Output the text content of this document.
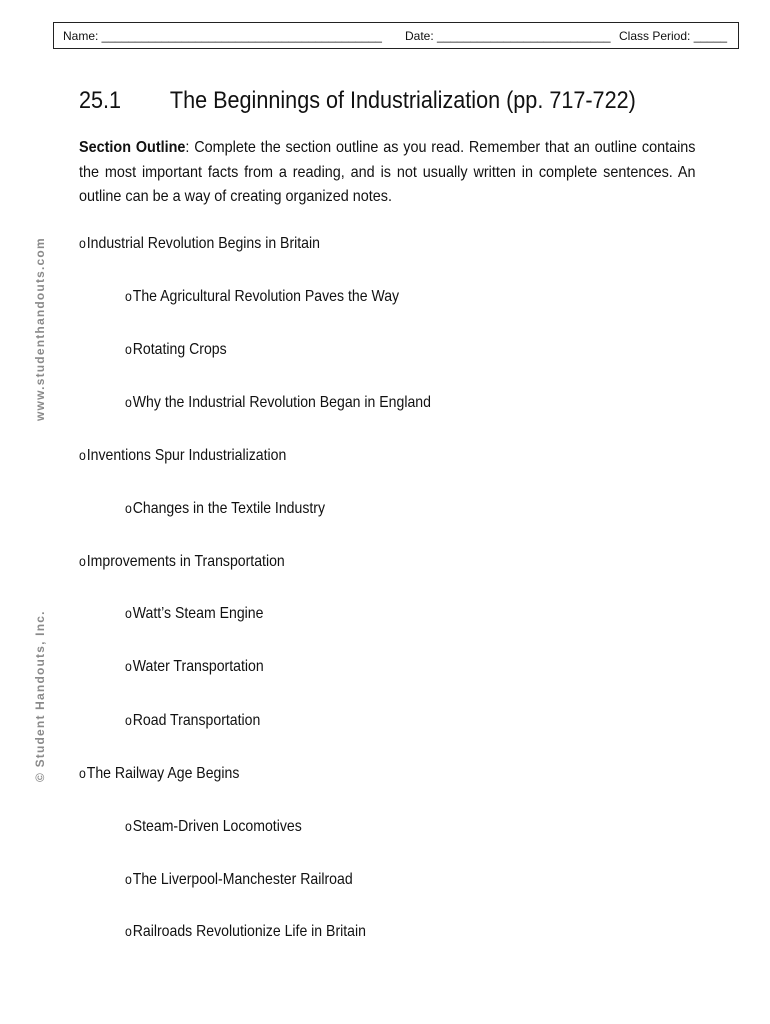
Name: __________________________________________ Date: __________________________ Class Period: _____
25.1 The Beginnings of Industrialization (pp. 717-722)
Section Outline: Complete the section outline as you read. Remember that an outline contains the most important facts from a reading, and is not usually written in complete sentences. An outline can be a way of creating organized notes.
oIndustrial Revolution Begins in Britain
oThe Agricultural Revolution Paves the Way
oRotating Crops
oWhy the Industrial Revolution Began in England
oInventions Spur Industrialization
oChanges in the Textile Industry
oImprovements in Transportation
oWatt’s Steam Engine
oWater Transportation
oRoad Transportation
oThe Railway Age Begins
oSteam-Driven Locomotives
oThe Liverpool-Manchester Railroad
oRailroads Revolutionize Life in Britain
www.studenthandouts.com
© Student Handouts, Inc.
